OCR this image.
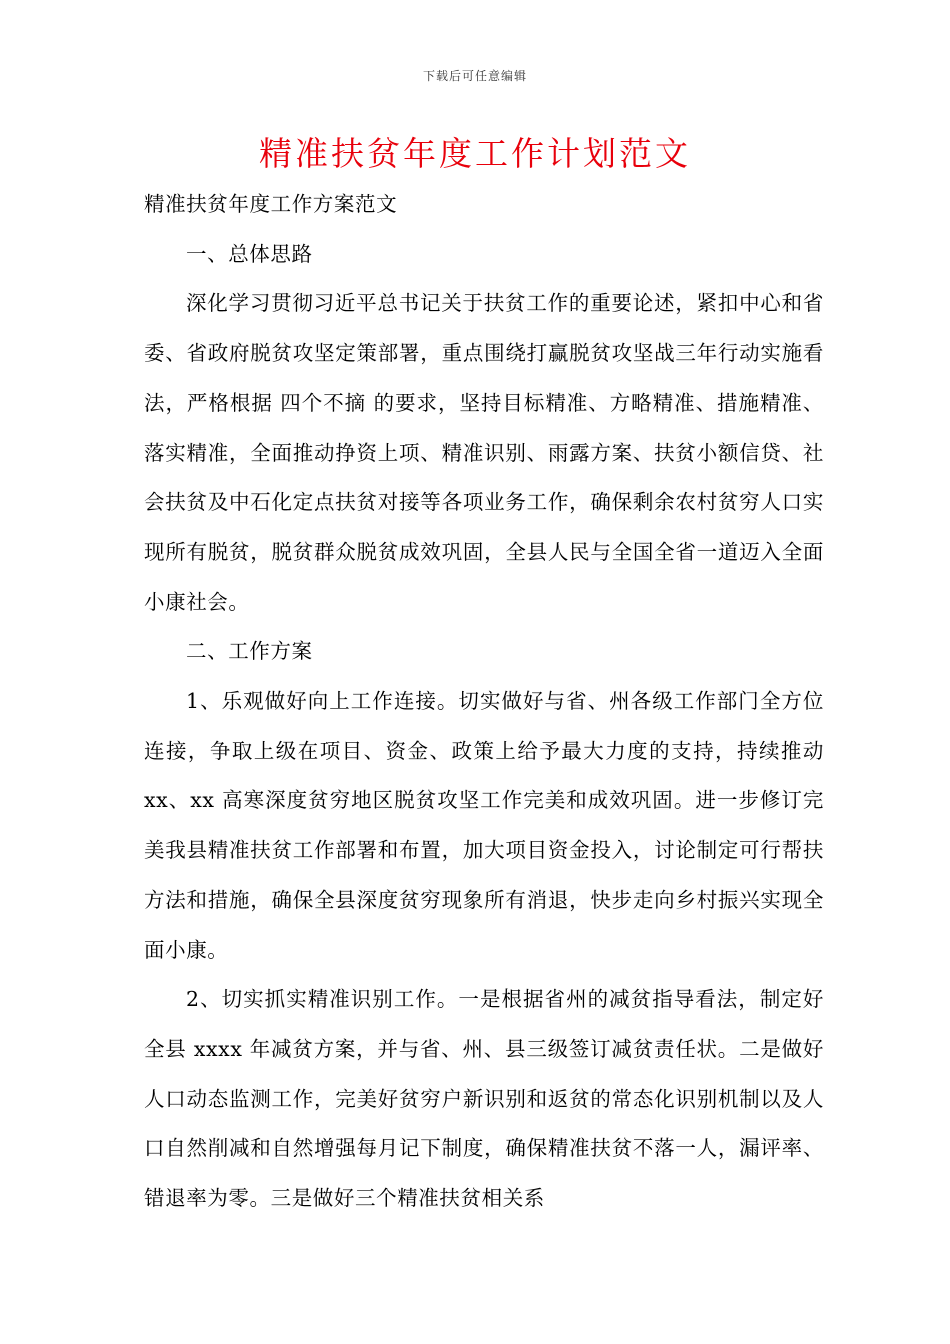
下载后可任意编辑
精准扶贫年度工作计划范文

精准扶贫年度工作方案范文

一、总体思路

深化学习贯彻习近平总书记关于扶贫工作的重要论述，紧扣中心和省委、省政府脱贫攻坚定策部署，重点围绕打赢脱贫攻坚战三年行动实施看法，严格根据 四个不摘 的要求，坚持目标精准、方略精准、措施精准、落实精准，全面推动挣资上项、精准识别、雨露方案、扶贫小额信贷、社会扶贫及中石化定点扶贫对接等各项业务工作，确保剩余农村贫穷人口实现所有脱贫，脱贫群众脱贫成效巩固，全县人民与全国全省一道迈入全面小康社会。

二、工作方案

1、乐观做好向上工作连接。切实做好与省、州各级工作部门全方位连接，争取上级在项目、资金、政策上给予最大力度的支持，持续推动 xx、xx 高寒深度贫穷地区脱贫攻坚工作完美和成效巩固。进一步修订完美我县精准扶贫工作部署和布置，加大项目资金投入，讨论制定可行帮扶方法和措施，确保全县深度贫穷现象所有消退，快步走向乡村振兴实现全面小康。

2、切实抓实精准识别工作。一是根据省州的减贫指导看法，制定好全县 xxxx 年减贫方案，并与省、州、县三级签订减贫责任状。二是做好人口动态监测工作，完美好贫穷户新识别和返贫的常态化识别机制以及人口自然削减和自然增强每月记下制度，确保精准扶贫不落一人，漏评率、错退率为零。三是做好三个精准扶贫相关系
